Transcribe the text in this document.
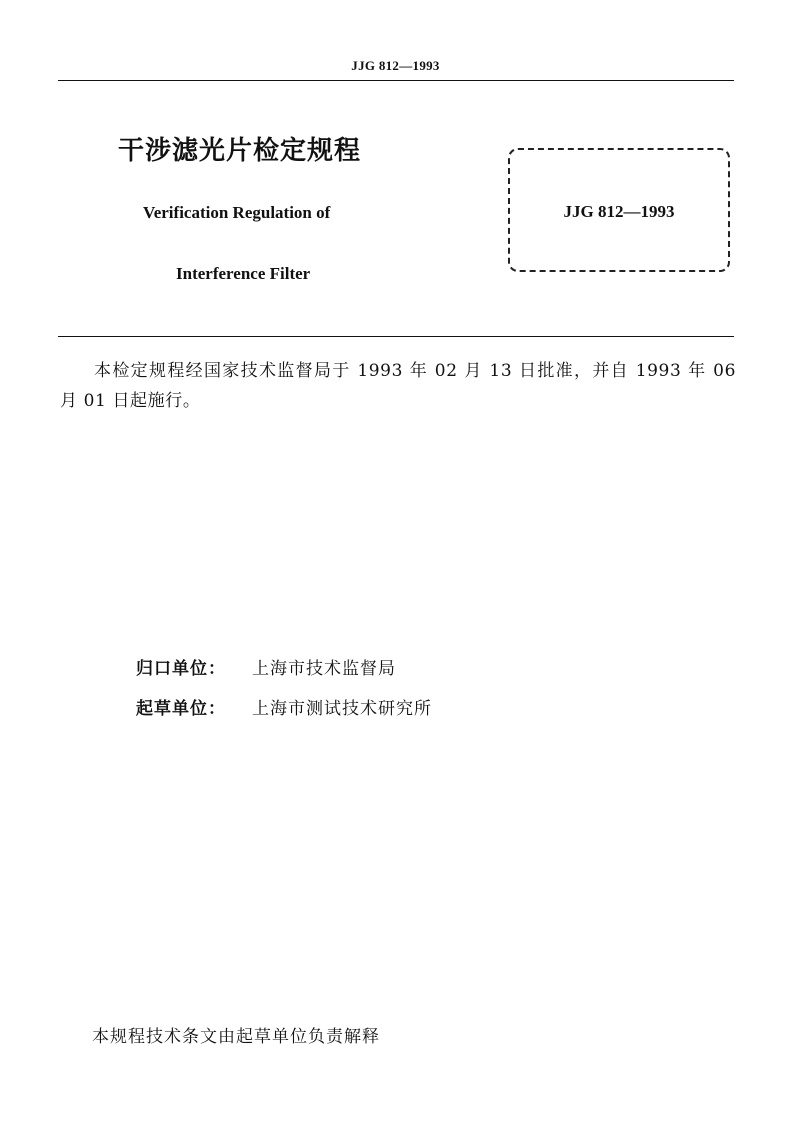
JJG 812—1993
干涉滤光片检定规程
Verification Regulation of
Interference Filter
JJG 812—1993
本检定规程经国家技术监督局于 1993 年 02 月 13 日批准，并自 1993 年 06 月 01 日起施行。
归口单位： 上海市技术监督局
起草单位： 上海市测试技术研究所
本规程技术条文由起草单位负责解释
